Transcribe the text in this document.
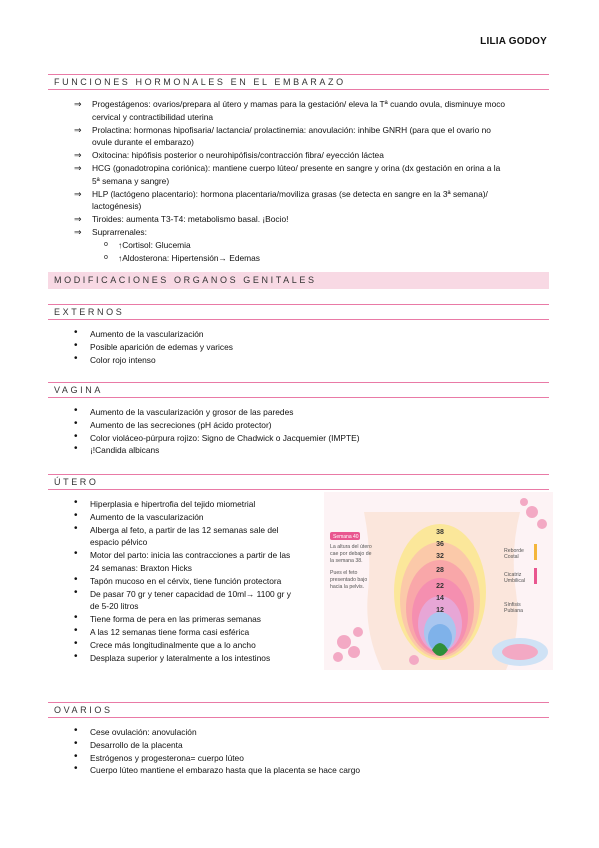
LILIA GODOY
FUNCIONES HORMONALES EN EL EMBARAZO
⇒ Progestágenos: ovarios/prepara al útero y mamas para la gestación/ eleva la Tª cuando ovula, disminuye moco
cervical y contractibilidad uterina
⇒ Prolactina: hormonas hipofisaria/ lactancia/ prolactinemia: anovulación: inhibe GNRH (para que el ovario no
ovule durante el embarazo)
⇒ Oxitocina: hipófisis posterior o neurohipófisis/contracción fibra/ eyección láctea
⇒ HCG (gonadotropina coriónica): mantiene cuerpo lúteo/ presente en sangre y orina (dx gestación en orina a la
5ª semana y sangre)
⇒ HLP (lactógeno placentario): hormona placentaria/moviliza grasas (se detecta en sangre en la 3ª semana)/
lactogénesis)
⇒ Tiroides: aumenta T3-T4: metabolismo basal. ¡Bocio!
⇒ Suprarrenales:
o ↑Cortisol: Glucemia
o ↑Aldosterona: Hipertensión→ Edemas
MODIFICACIONES ORGANOS GENITALES
EXTERNOS
• Aumento de la vascularización
• Posible aparición de edemas y varices
• Color rojo intenso
VAGINA
• Aumento de la vascularización y grosor de las paredes
• Aumento de las secreciones (pH ácido protector)
• Color violáceo-púrpura rojizo: Signo de Chadwick o Jacquemier (IMPTE)
• ¡!Candida albicans
ÚTERO
• Hiperplasia e hipertrofia del tejido miometrial
• Aumento de la vascularización
• Alberga al feto, a partir de las 12 semanas sale del
espacio pélvico
• Motor del parto: inicia las contracciones a partir de las
24 semanas: Braxton Hicks
• Tapón mucoso en el cérvix, tiene función protectora
• De pasar 70 gr y tener capacidad de 10ml→ 1100 gr y
de 5-20 litros
• Tiene forma de pera en las primeras semanas
• A las 12 semanas tiene forma casi esférica
• Crece más longitudinalmente que a lo ancho
• Desplaza superior y lateralmente a los intestinos
38
36
32
28
22
14
12
Semana 40
La altura del útero
cae por debajo de
la semana 38.
Pues el feto
presentado bajo
hacia la pelvis.
Reborde
Costal
Cicatriz
Umbilical
Sínfisis
Pubiana
OVARIOS
• Cese ovulación: anovulación
• Desarrollo de la placenta
• Estrógenos y progesterona= cuerpo lúteo
• Cuerpo lúteo mantiene el embarazo hasta que la placenta se hace cargo
